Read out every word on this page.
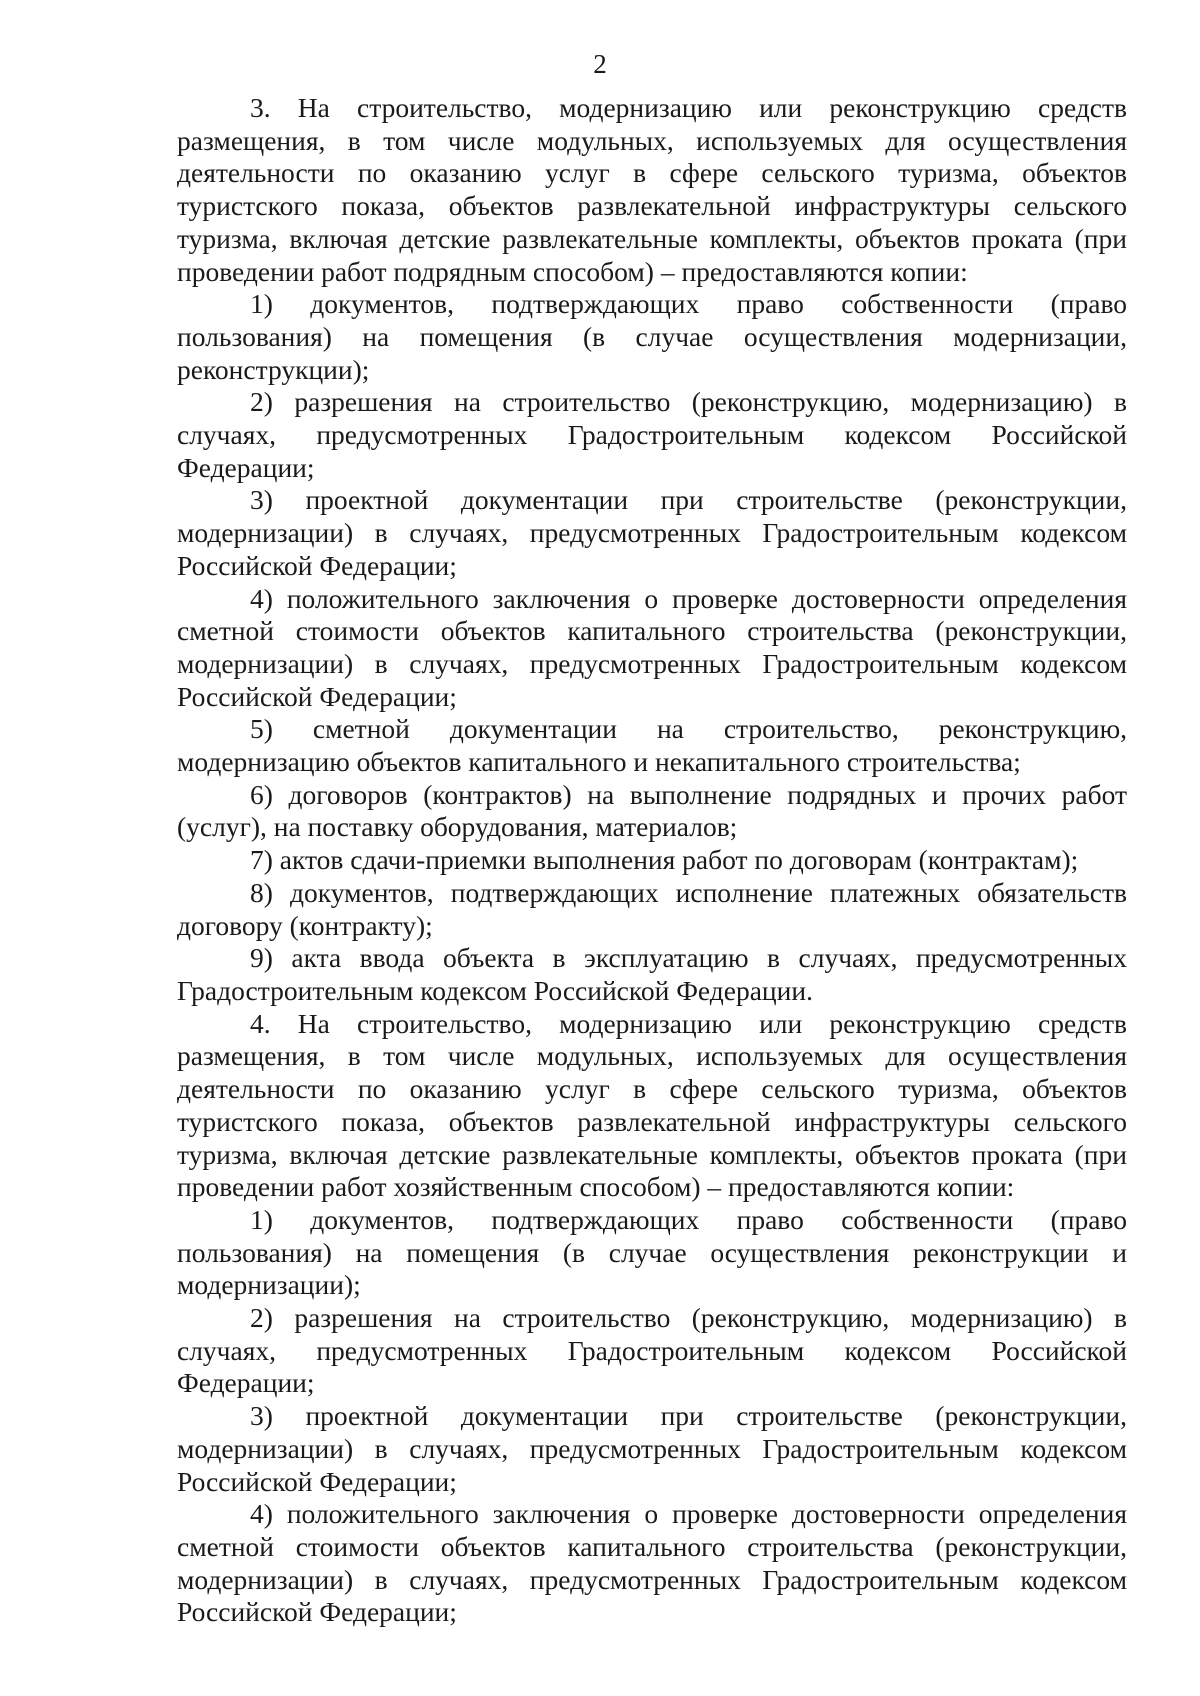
2

3. На строительство, модернизацию или реконструкцию средств размещения, в том числе модульных, используемых для осуществления деятельности по оказанию услуг в сфере сельского туризма, объектов туристского показа, объектов развлекательной инфраструктуры сельского туризма, включая детские развлекательные комплекты, объектов проката (при проведении работ подрядным способом) – предоставляются копии:

1) документов, подтверждающих право собственности (право пользования) на помещения (в случае осуществления модернизации, реконструкции);

2) разрешения на строительство (реконструкцию, модернизацию) в случаях, предусмотренных Градостроительным кодексом Российской Федерации;

3) проектной документации при строительстве (реконструкции, модернизации) в случаях, предусмотренных Градостроительным кодексом Российской Федерации;

4) положительного заключения о проверке достоверности определения сметной стоимости объектов капитального строительства (реконструкции, модернизации) в случаях, предусмотренных Градостроительным кодексом Российской Федерации;

5) сметной документации на строительство, реконструкцию, модернизацию объектов капитального и некапитального строительства;

6) договоров (контрактов) на выполнение подрядных и прочих работ (услуг), на поставку оборудования, материалов;

7) актов сдачи-приемки выполнения работ по договорам (контрактам);

8) документов, подтверждающих исполнение платежных обязательств договору (контракту);

9) акта ввода объекта в эксплуатацию в случаях, предусмотренных Градостроительным кодексом Российской Федерации.

4. На строительство, модернизацию или реконструкцию средств размещения, в том числе модульных, используемых для осуществления деятельности по оказанию услуг в сфере сельского туризма, объектов туристского показа, объектов развлекательной инфраструктуры сельского туризма, включая детские развлекательные комплекты, объектов проката (при проведении работ хозяйственным способом) – предоставляются копии:

1) документов, подтверждающих право собственности (право пользования) на помещения (в случае осуществления реконструкции и модернизации);

2) разрешения на строительство (реконструкцию, модернизацию) в случаях, предусмотренных Градостроительным кодексом Российской Федерации;

3) проектной документации при строительстве (реконструкции, модернизации) в случаях, предусмотренных Градостроительным кодексом Российской Федерации;

4) положительного заключения о проверке достоверности определения сметной стоимости объектов капитального строительства (реконструкции, модернизации) в случаях, предусмотренных Градостроительным кодексом Российской Федерации;
